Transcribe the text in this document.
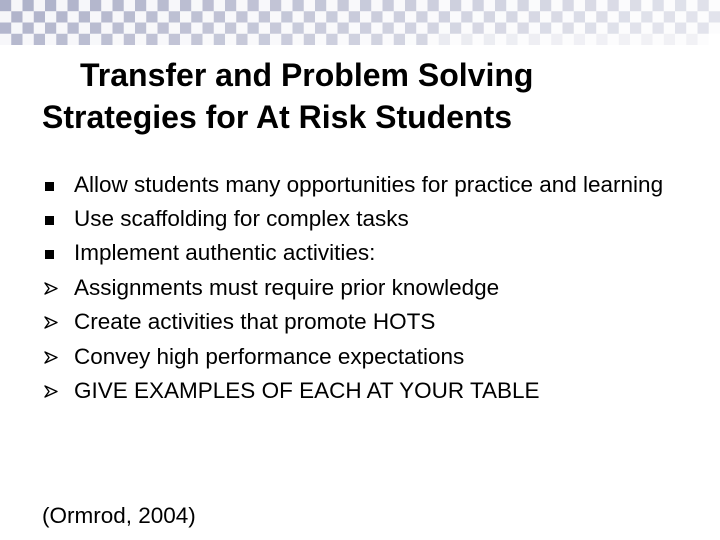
Transfer and Problem Solving
Strategies for At Risk Students
Allow students many opportunities for practice and learning
Use scaffolding for complex tasks
Implement authentic activities:
Assignments must require prior knowledge
Create activities that promote HOTS
Convey high performance expectations
GIVE EXAMPLES OF EACH AT YOUR TABLE
(Ormrod, 2004)
